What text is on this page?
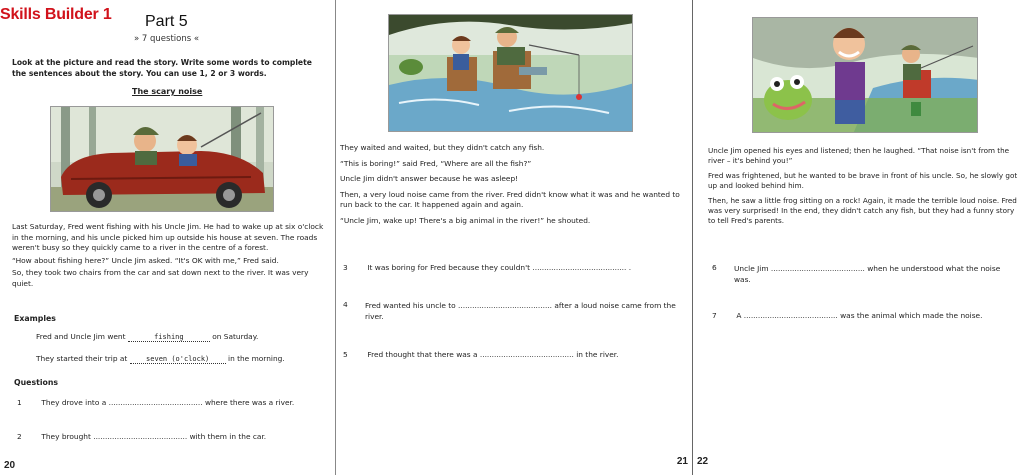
Skills Builder 1 Part 5
» 7 questions «
Look at the picture and read the story. Write some words to complete the sentences about the story. You can use 1, 2 or 3 words.
The scary noise

Last Saturday, Fred went fishing with his Uncle Jim. He had to wake up at six o'clock in the morning, and his uncle picked him up outside his house at seven. The roads weren't busy so they quickly came to a river in the centre of a forest.

“How about fishing here?” Uncle Jim asked. “It's OK with me,” Fred said.

So, they took two chairs from the car and sat down next to the river. It was very quiet.

Examples
Fred and Uncle Jim went	fishing	on Saturday.
They started their trip at	seven (o'clock)	in the morning.
Questions
1	They drove into a ........................................ where there was a river.
2	They brought ........................................ with them in the car.
20

They waited and waited, but they didn't catch any fish.

“This is boring!” said Fred, “Where are all the fish?”

Uncle Jim didn't answer because he was asleep!

Then, a very loud noise came from the river. Fred didn't know what it was and he wanted to run back to the car. It happened again and again.

“Uncle Jim, wake up! There's a big animal in the river!” he shouted.

3	It was boring for Fred because they couldn't ........................................ .
4	Fred wanted his uncle to ........................................ after a loud noise came from the river.
5	Fred thought that there was a ........................................ in the river.
21

Uncle Jim opened his eyes and listened; then he laughed. “That noise isn't from the river – it's behind you!”

Fred was frightened, but he wanted to be brave in front of his uncle. So, he slowly got up and looked behind him.

Then, he saw a little frog sitting on a rock! Again, it made the terrible loud noise. Fred was very surprised! In the end, they didn't catch any fish, but they had a funny story to tell Fred's parents.

6	Uncle Jim ........................................ when he understood what the noise was.
7	A ........................................ was the animal which made the noise.
22
